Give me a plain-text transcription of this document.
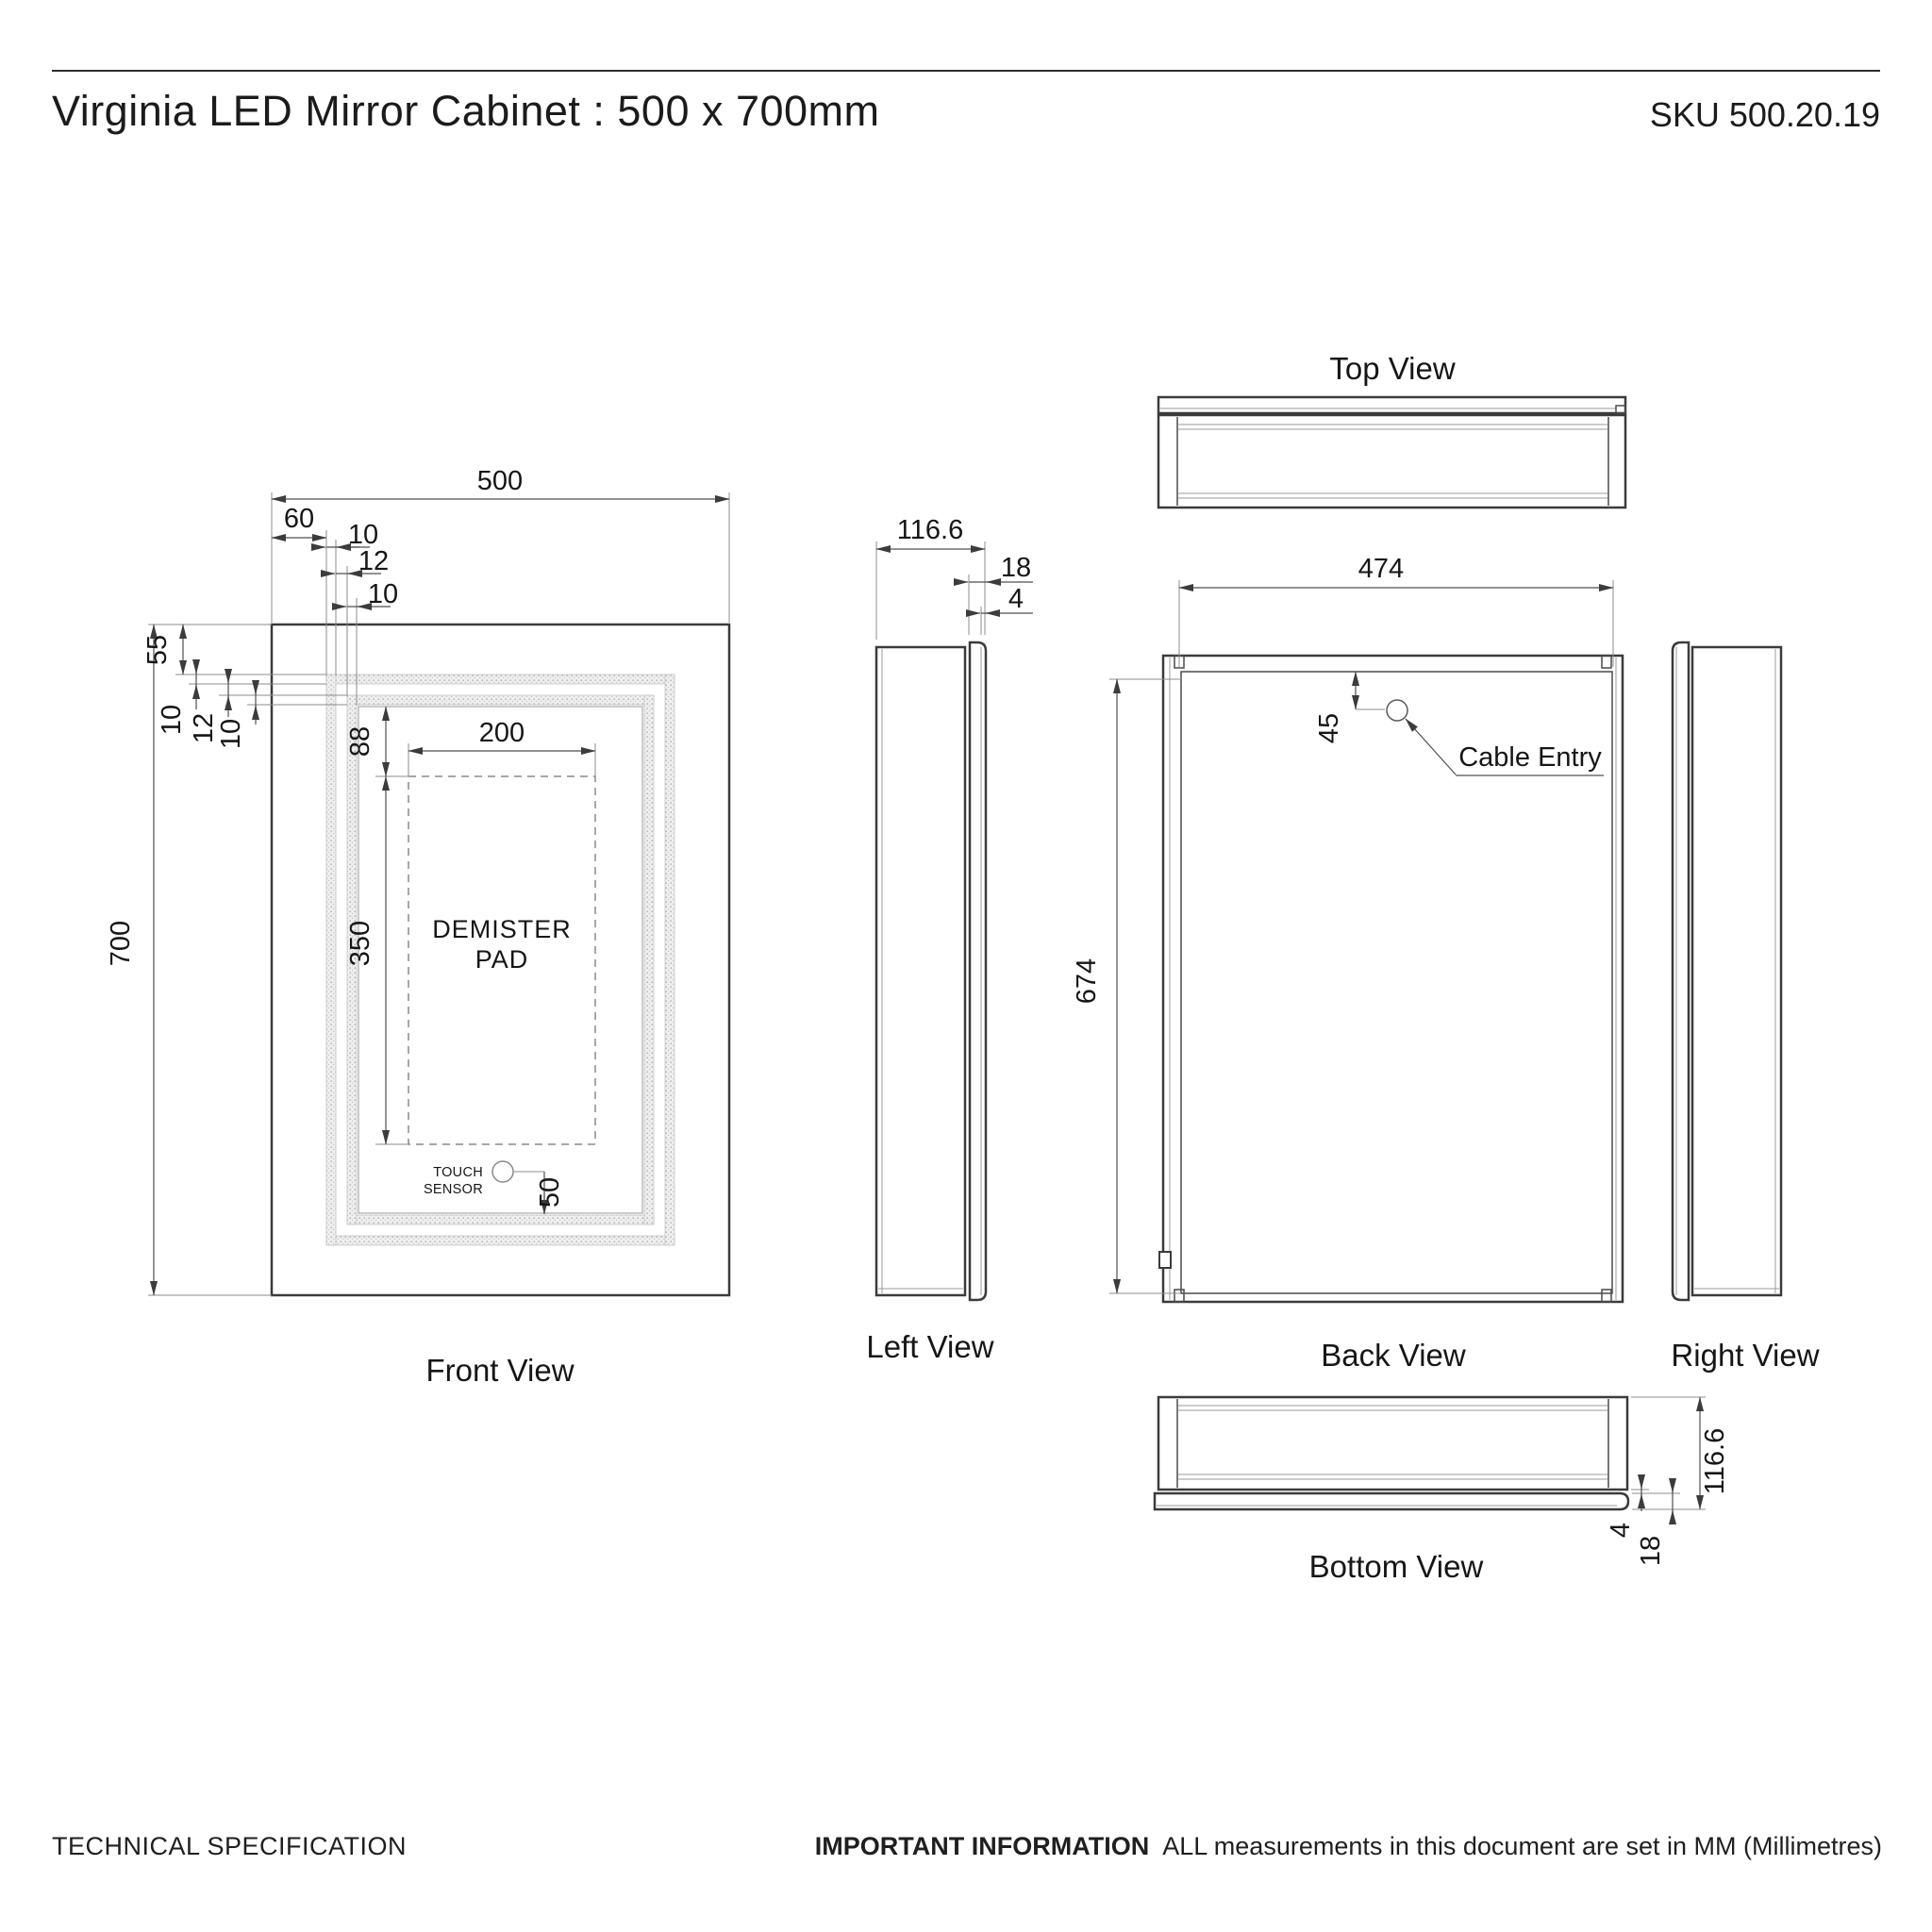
Virginia LED Mirror Cabinet : 500 x 700mm	SKU 500.20.19
DEMISTER
PAD
TOUCH
SENSOR 50
500
60
10
12
10
700
55
10 12
10	88
350
200
Front View
116.6
18
4
Left View
Top View
45
Cable Entry
474
674
Back View	Right View
116.6
4
18
Bottom View
TECHNICAL SPECIFICATION	IMPORTANT INFORMATION ALL measurements in this document are set in MM (Millimetres)
